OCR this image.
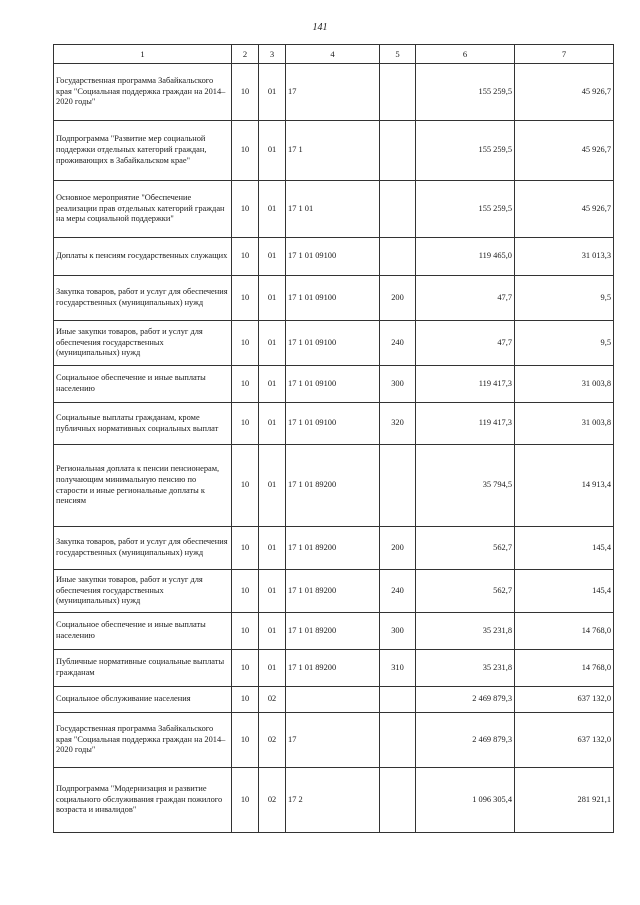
141
1	2	3	4	5	6	7
Государственная программа Забайкальского края "Социальная поддержка граждан на 2014–2020 годы"	10	01	17		155 259,5	45 926,7
Подпрограмма "Развитие мер социальной поддержки отдельных категорий граждан, проживающих в Забайкальском крае"	10	01	17 1		155 259,5	45 926,7
Основное мероприятие "Обеспечение реализации прав отдельных категорий граждан на меры социальной поддержки"	10	01	17 1 01		155 259,5	45 926,7
Доплаты к пенсиям государственных служащих	10	01	17 1 01 09100		119 465,0	31 013,3
Закупка товаров, работ и услуг для обеспечения государственных (муниципальных) нужд	10	01	17 1 01 09100	200	47,7	9,5
Иные закупки товаров, работ и услуг для обеспечения государственных (муниципальных) нужд	10	01	17 1 01 09100	240	47,7	9,5
Социальное обеспечение и иные выплаты населению	10	01	17 1 01 09100	300	119 417,3	31 003,8
Социальные выплаты гражданам, кроме публичных нормативных социальных выплат	10	01	17 1 01 09100	320	119 417,3	31 003,8
Региональная доплата к пенсии пенсионерам, получающим минимальную пенсию по старости и иные региональные доплаты к пенсиям	10	01	17 1 01 89200		35 794,5	14 913,4
Закупка товаров, работ и услуг для обеспечения государственных (муниципальных) нужд	10	01	17 1 01 89200	200	562,7	145,4
Иные закупки товаров, работ и услуг для обеспечения государственных (муниципальных) нужд	10	01	17 1 01 89200	240	562,7	145,4
Социальное обеспечение и иные выплаты населению	10	01	17 1 01 89200	300	35 231,8	14 768,0
Публичные нормативные социальные выплаты гражданам	10	01	17 1 01 89200	310	35 231,8	14 768,0
Социальное обслуживание населения	10	02			2 469 879,3	637 132,0
Государственная программа Забайкальского края "Социальная поддержка граждан на 2014–2020 годы"	10	02	17		2 469 879,3	637 132,0
Подпрограмма "Модернизация и развитие социального обслуживания граждан пожилого возраста и инвалидов"	10	02	17 2		1 096 305,4	281 921,1
